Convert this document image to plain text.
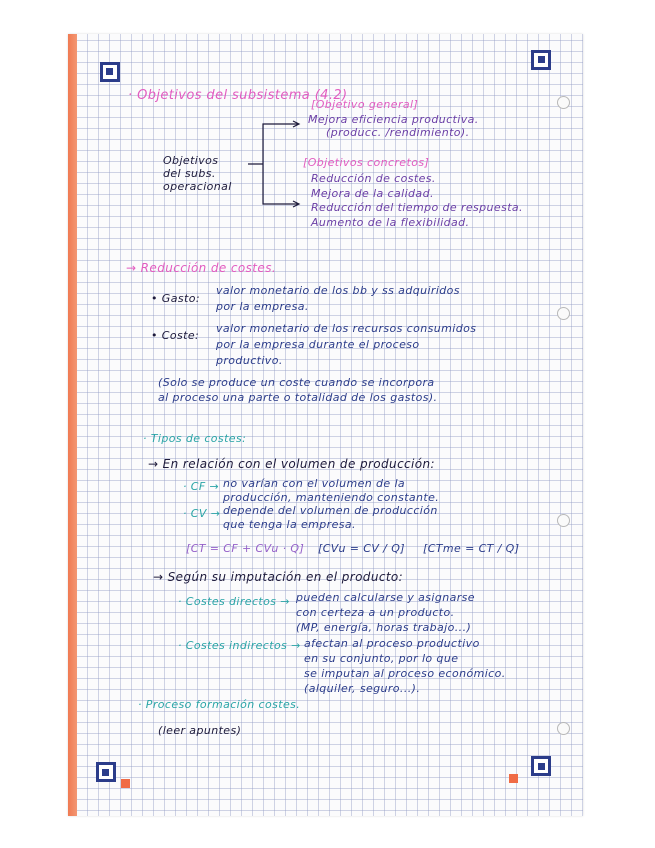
· Objetivos del subsistema (4.2)
Objetivos
del subs.
operacional
[Objetivo general]
Mejora eficiencia productiva.
(producc. /rendimiento).
[Objetivos concretos]
Reducción de costes.
Mejora de la calidad.
Reducción del tiempo de respuesta.
Aumento de la flexibilidad.
→ Reducción de costes.
• Gasto:
valor monetario de los bb y ss adquiridos
por la empresa.
• Coste:
valor monetario de los recursos consumidos
por la empresa durante el proceso
productivo.
(Solo se produce un coste cuando se incorpora
al proceso una parte o totalidad de los gastos).
· Tipos de costes:
→ En relación con el volumen de producción:
· CF → no varían con el volumen de la
producción, manteniendo constante.
· CV → depende del volumen de producción
que tenga la empresa.
[CT = CF + CVu · Q] [CVu = CV / Q] [CTme = CT / Q]
→ Según su imputación en el producto:
· Costes directos → pueden calcularse y asignarse
con certeza a un producto.
(MP, energía, horas trabajo...)
· Costes indirectos → afectan al proceso productivo
en su conjunto, por lo que
se imputan al proceso económico.
(alquiler, seguro...).
· Proceso formación costes.
(leer apuntes)
